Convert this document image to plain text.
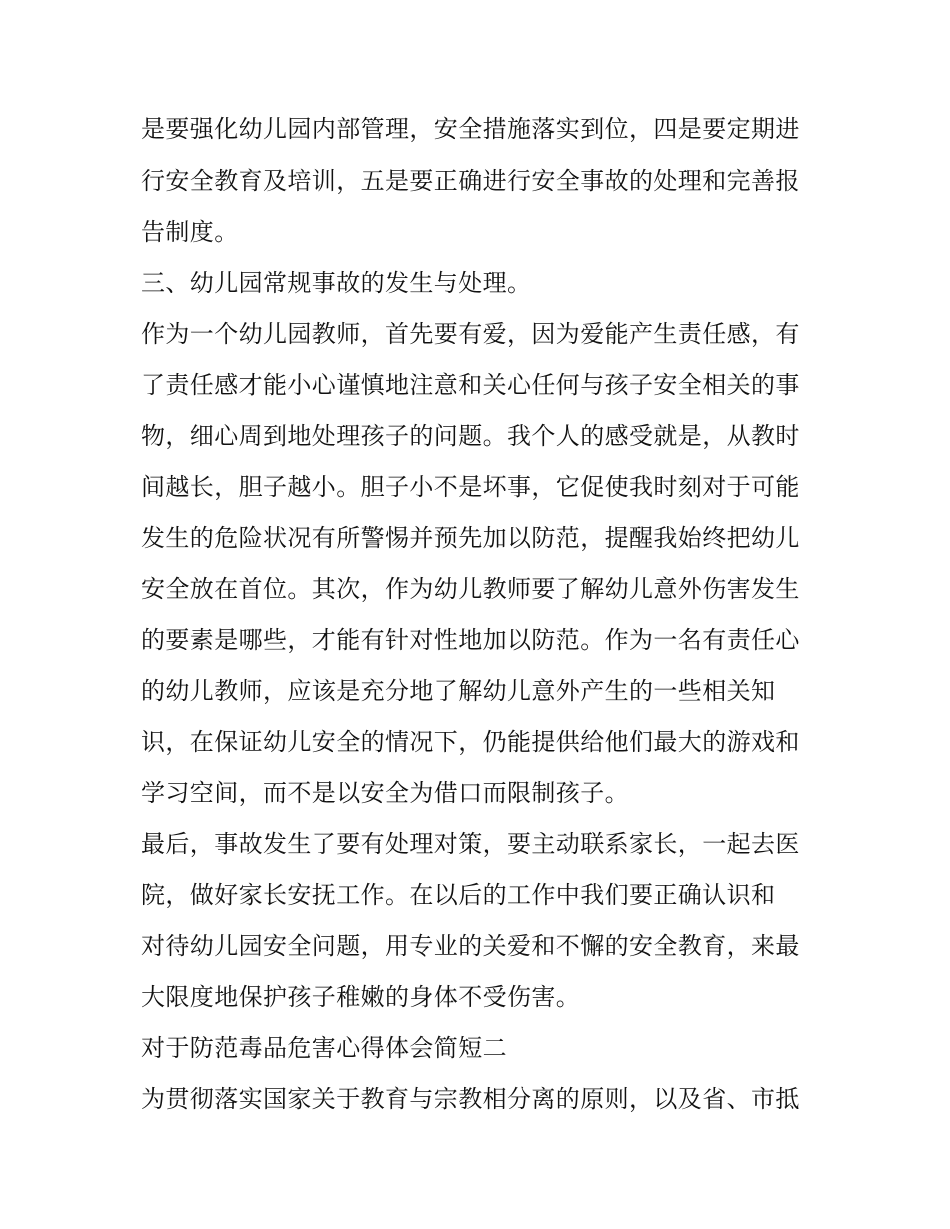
是要强化幼儿园内部管理，安全措施落实到位，四是要定期进
行安全教育及培训，五是要正确进行安全事故的处理和完善报
告制度。
三、幼儿园常规事故的发生与处理。
作为一个幼儿园教师，首先要有爱，因为爱能产生责任感，有
了责任感才能小心谨慎地注意和关心任何与孩子安全相关的事
物，细心周到地处理孩子的问题。我个人的感受就是，从教时
间越长，胆子越小。胆子小不是坏事，它促使我时刻对于可能
发生的危险状况有所警惕并预先加以防范，提醒我始终把幼儿
安全放在首位。其次，作为幼儿教师要了解幼儿意外伤害发生
的要素是哪些，才能有针对性地加以防范。作为一名有责任心
的幼儿教师，应该是充分地了解幼儿意外产生的一些相关知
识，在保证幼儿安全的情况下，仍能提供给他们最大的游戏和
学习空间，而不是以安全为借口而限制孩子。
最后，事故发生了要有处理对策，要主动联系家长，一起去医
院，做好家长安抚工作。在以后的工作中我们要正确认识和
对待幼儿园安全问题，用专业的关爱和不懈的安全教育，来最
大限度地保护孩子稚嫩的身体不受伤害。
对于防范毒品危害心得体会简短二
为贯彻落实国家关于教育与宗教相分离的原则，以及省、市抵
